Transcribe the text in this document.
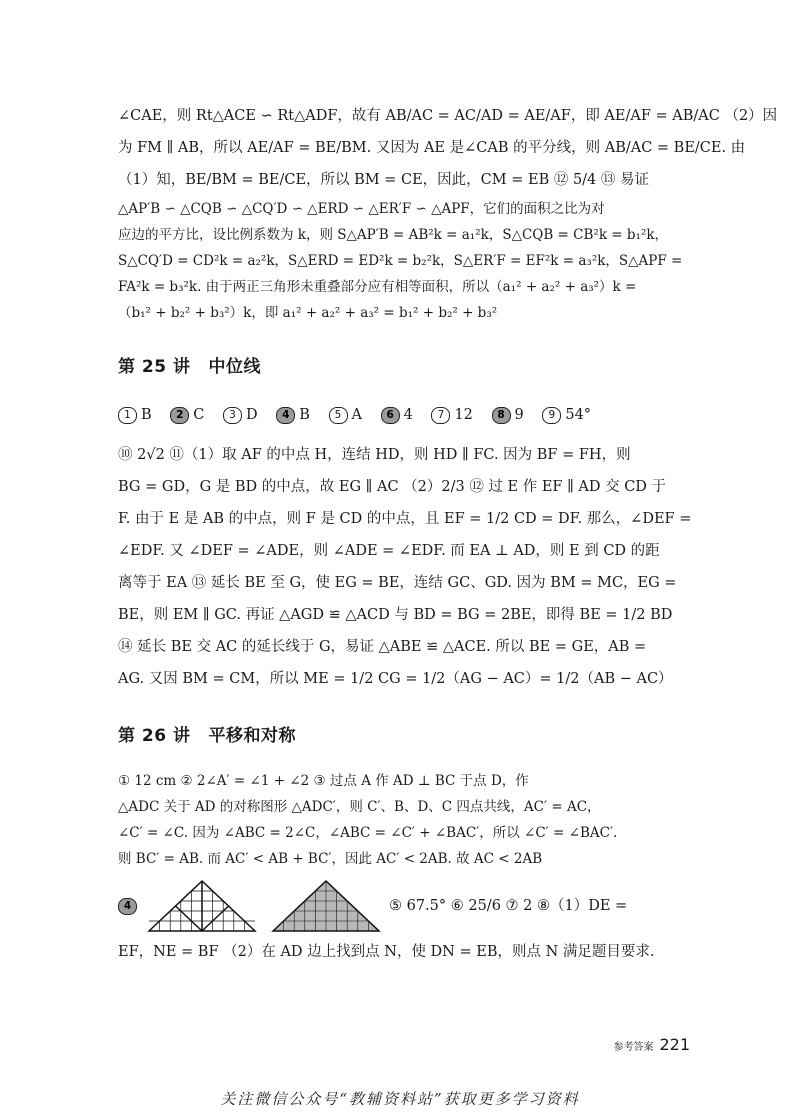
∠CAE，则 Rt△ACE ∽ Rt△ADF，故有 AB/AC = AC/AD = AE/AF，即 AE/AF = AB/AC （2）因
为 FM ∥ AB，所以 AE/AF = BE/BM. 又因为 AE 是∠CAB 的平分线，则 AB/AC = BE/CE. 由
（1）知，BE/BM = BE/CE，所以 BM = CE，因此，CM = EB ⑫ 5/4 ⑬ 易证
△AP′B ∽ △CQB ∽ △CQ′D ∽ △ERD ∽ △ER′F ∽ △APF，它们的面积之比为对
应边的平方比，设比例系数为 k，则 S△AP′B = AB²k = a₁²k，S△CQB = CB²k = b₁²k，
S△CQ′D = CD²k = a₂²k，S△ERD = ED²k = b₂²k，S△ER′F = EF²k = a₃²k，S△APF =
FA²k = b₃²k. 由于两正三角形未重叠部分应有相等面积，所以（a₁² + a₂² + a₃²）k =
（b₁² + b₂² + b₃²）k，即 a₁² + a₂² + a₃² = b₁² + b₂² + b₃²
第 25 讲 中位线
1 B 2 C 3 D 4 B 5 A 6 4 7 12 8 9 9 54°
⑩ 2√2 ⑪（1）取 AF 的中点 H，连结 HD，则 HD ∥ FC. 因为 BF = FH，则
BG = GD，G 是 BD 的中点，故 EG ∥ AC （2）2/3 ⑫ 过 E 作 EF ∥ AD 交 CD 于
F. 由于 E 是 AB 的中点，则 F 是 CD 的中点，且 EF = 1/2 CD = DF. 那么，∠DEF =
∠EDF. 又 ∠DEF = ∠ADE，则 ∠ADE = ∠EDF. 而 EA ⊥ AD，则 E 到 CD 的距
离等于 EA ⑬ 延长 BE 至 G，使 EG = BE，连结 GC、GD. 因为 BM = MC，EG =
BE，则 EM ∥ GC. 再证 △AGD ≌ △ACD 与 BD = BG = 2BE，即得 BE = 1/2 BD
⑭ 延长 BE 交 AC 的延长线于 G，易证 △ABE ≌ △ACE. 所以 BE = GE，AB =
AG. 又因 BM = CM，所以 ME = 1/2 CG = 1/2（AG − AC）= 1/2（AB − AC）
第 26 讲 平移和对称
① 12 cm ② 2∠A′ = ∠1 + ∠2 ③ 过点 A 作 AD ⊥ BC 于点 D，作
△ADC 关于 AD 的对称图形 △ADC′，则 C′、B、D、C 四点共线，AC′ = AC，
∠C′ = ∠C. 因为 ∠ABC = 2∠C，∠ABC = ∠C′ + ∠BAC′，所以 ∠C′ = ∠BAC′.
则 BC′ = AB. 而 AC′ < AB + BC′，因此 AC′ < 2AB. 故 AC < 2AB
4	⑤ 67.5° ⑥ 25/6 ⑦ 2 ⑧（1）DE =
EF，NE = BF （2）在 AD 边上找到点 N，使 DN = EB，则点 N 满足题目要求.
参考答案 221
关注微信公众号“教辅资料站”获取更多学习资料
